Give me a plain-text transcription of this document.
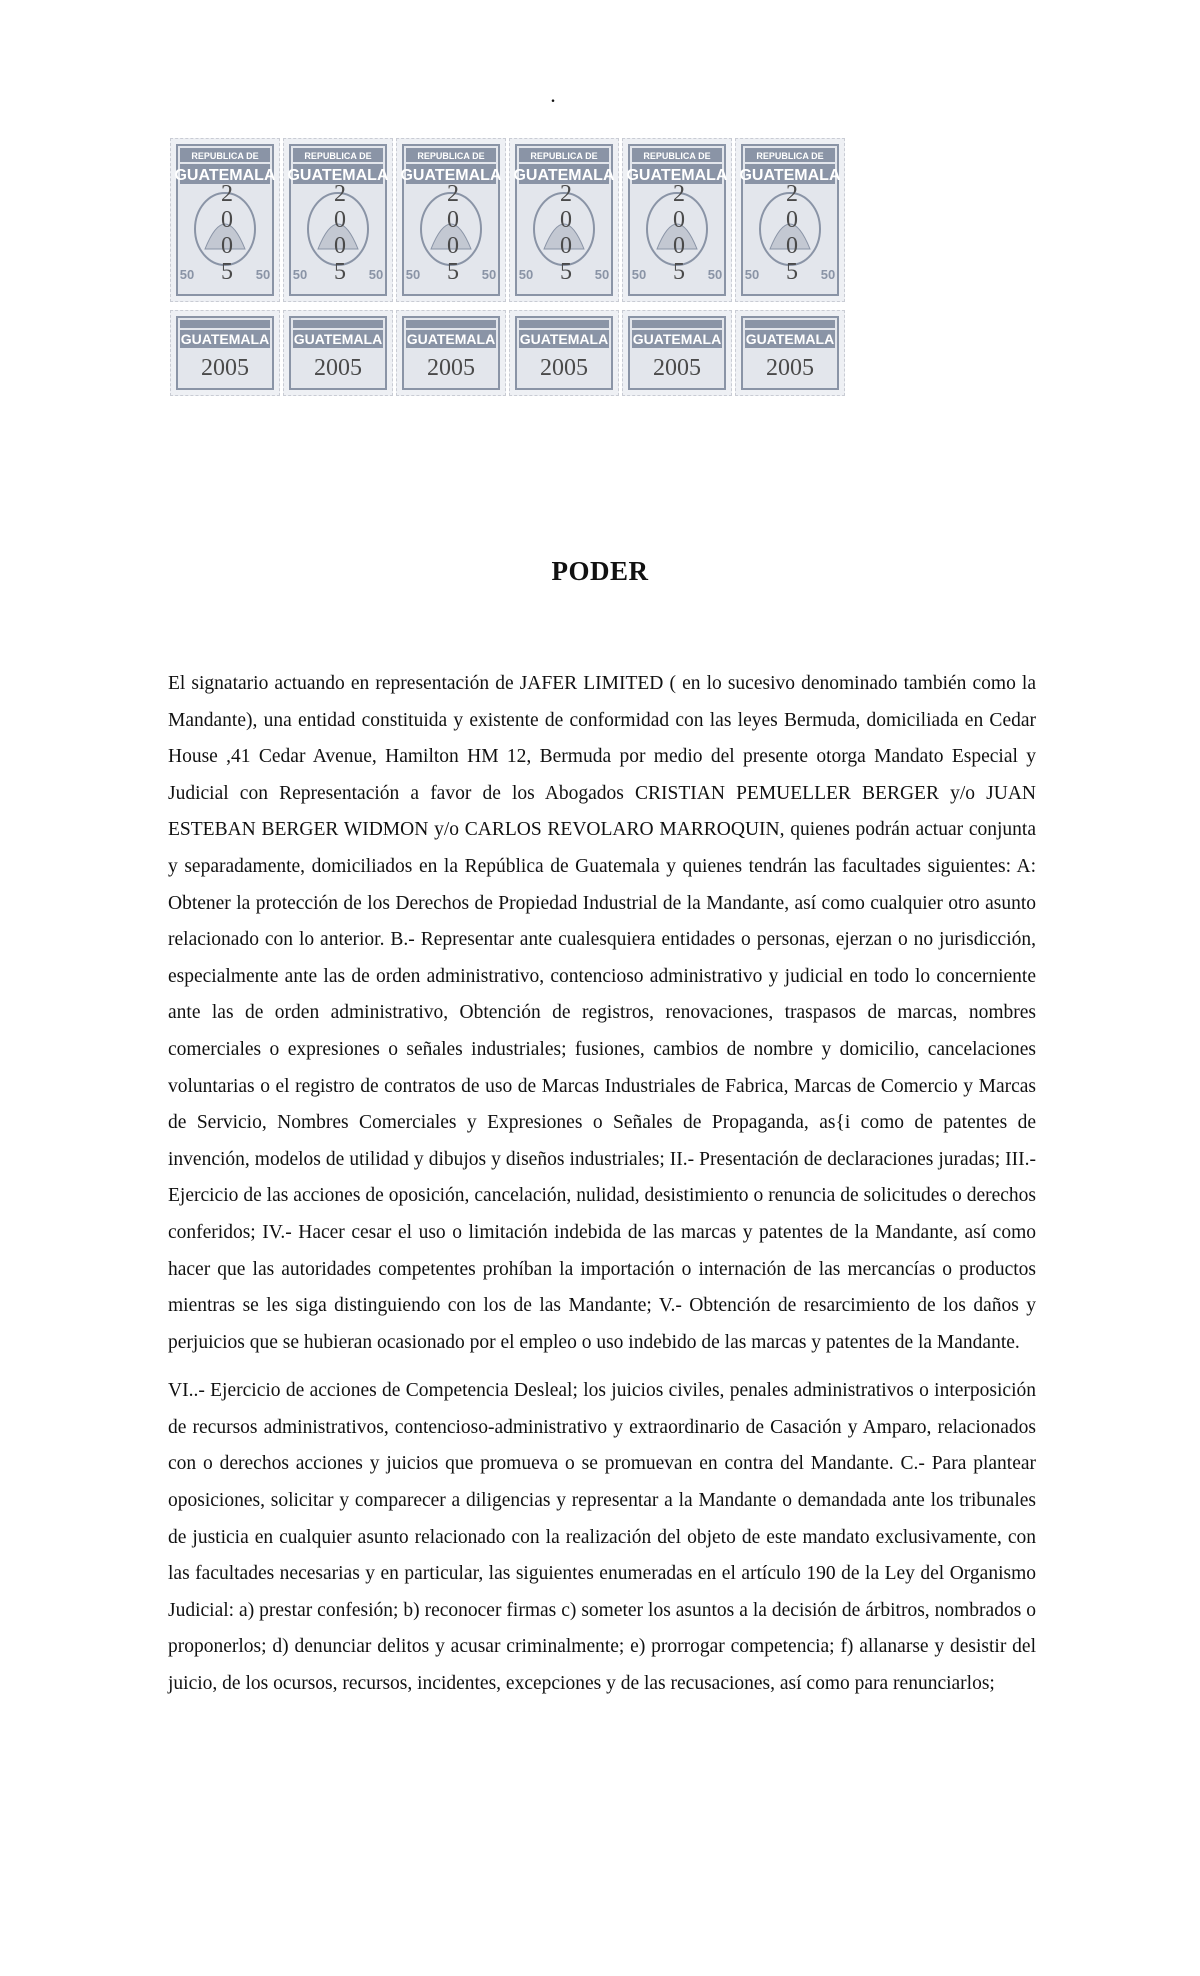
.
REPUBLICA DE
GUATEMALA
50	50
2
0
0
5
GUATEMALA
2005
REPUBLICA DE
GUATEMALA
50	50
2
0
0
5
GUATEMALA
2005
REPUBLICA DE
GUATEMALA
50	50
2
0
0
5
GUATEMALA
2005
REPUBLICA DE
GUATEMALA
50	50
2
0
0
5
GUATEMALA
2005
REPUBLICA DE
GUATEMALA
50	50
2
0
0
5
GUATEMALA
2005
REPUBLICA DE
GUATEMALA
50	50
2
0
0
5
GUATEMALA
2005
PODER

El signatario actuando en representación de JAFER LIMITED ( en lo sucesivo denominado también como la Mandante), una entidad constituida y existente de conformidad con las leyes Bermuda, domiciliada en Cedar House ,41 Cedar Avenue, Hamilton HM 12, Bermuda por medio del presente otorga Mandato Especial y Judicial con Representación a favor de los Abogados CRISTIAN PEMUELLER BERGER y/o JUAN ESTEBAN BERGER WIDMON y/o CARLOS REVOLARO MARROQUIN, quienes podrán actuar conjunta y separadamente, domiciliados en la República de Guatemala y quienes tendrán las facultades siguientes: A: Obtener la protección de los Derechos de Propiedad Industrial de la Mandante, así como cualquier otro asunto relacionado con lo anterior. B.- Representar ante cualesquiera entidades o personas, ejerzan o no jurisdicción, especialmente ante las de orden administrativo, contencioso administrativo y judicial en todo lo concerniente ante las de orden administrativo, Obtención de registros, renovaciones, traspasos de marcas, nombres comerciales o expresiones o señales industriales; fusiones, cambios de nombre y domicilio, cancelaciones voluntarias o el registro de contratos de uso de Marcas Industriales de Fabrica, Marcas de Comercio y Marcas de Servicio, Nombres Comerciales y Expresiones o Señales de Propaganda, as{i como de patentes de invención, modelos de utilidad y dibujos y diseños industriales; II.- Presentación de declaraciones juradas; III.- Ejercicio de las acciones de oposición, cancelación, nulidad, desistimiento o renuncia de solicitudes o derechos conferidos; IV.- Hacer cesar el uso o limitación indebida de las marcas y patentes de la Mandante, así como hacer que las autoridades competentes prohíban la importación o internación de las mercancías o productos mientras se les siga distinguiendo con los de las Mandante; V.- Obtención de resarcimiento de los daños y perjuicios que se hubieran ocasionado por el empleo o uso indebido de las marcas y patentes de la Mandante.

VI..- Ejercicio de acciones de Competencia Desleal; los juicios civiles, penales administrativos o interposición de recursos administrativos, contencioso-administrativo y extraordinario de Casación y Amparo, relacionados con o derechos acciones y juicios que promueva o se promuevan en contra del Mandante. C.- Para plantear oposiciones, solicitar y comparecer a diligencias y representar a la Mandante o demandada ante los tribunales de justicia en cualquier asunto relacionado con la realización del objeto de este mandato exclusivamente, con las facultades necesarias y en particular, las siguientes enumeradas en el artículo 190 de la Ley del Organismo Judicial: a) prestar confesión; b) reconocer firmas c) someter los asuntos a la decisión de árbitros, nombrados o proponerlos; d) denunciar delitos y acusar criminalmente; e) prorrogar competencia; f) allanarse y desistir del juicio, de los ocursos, recursos, incidentes, excepciones y de las recusaciones, así como para renunciarlos;
